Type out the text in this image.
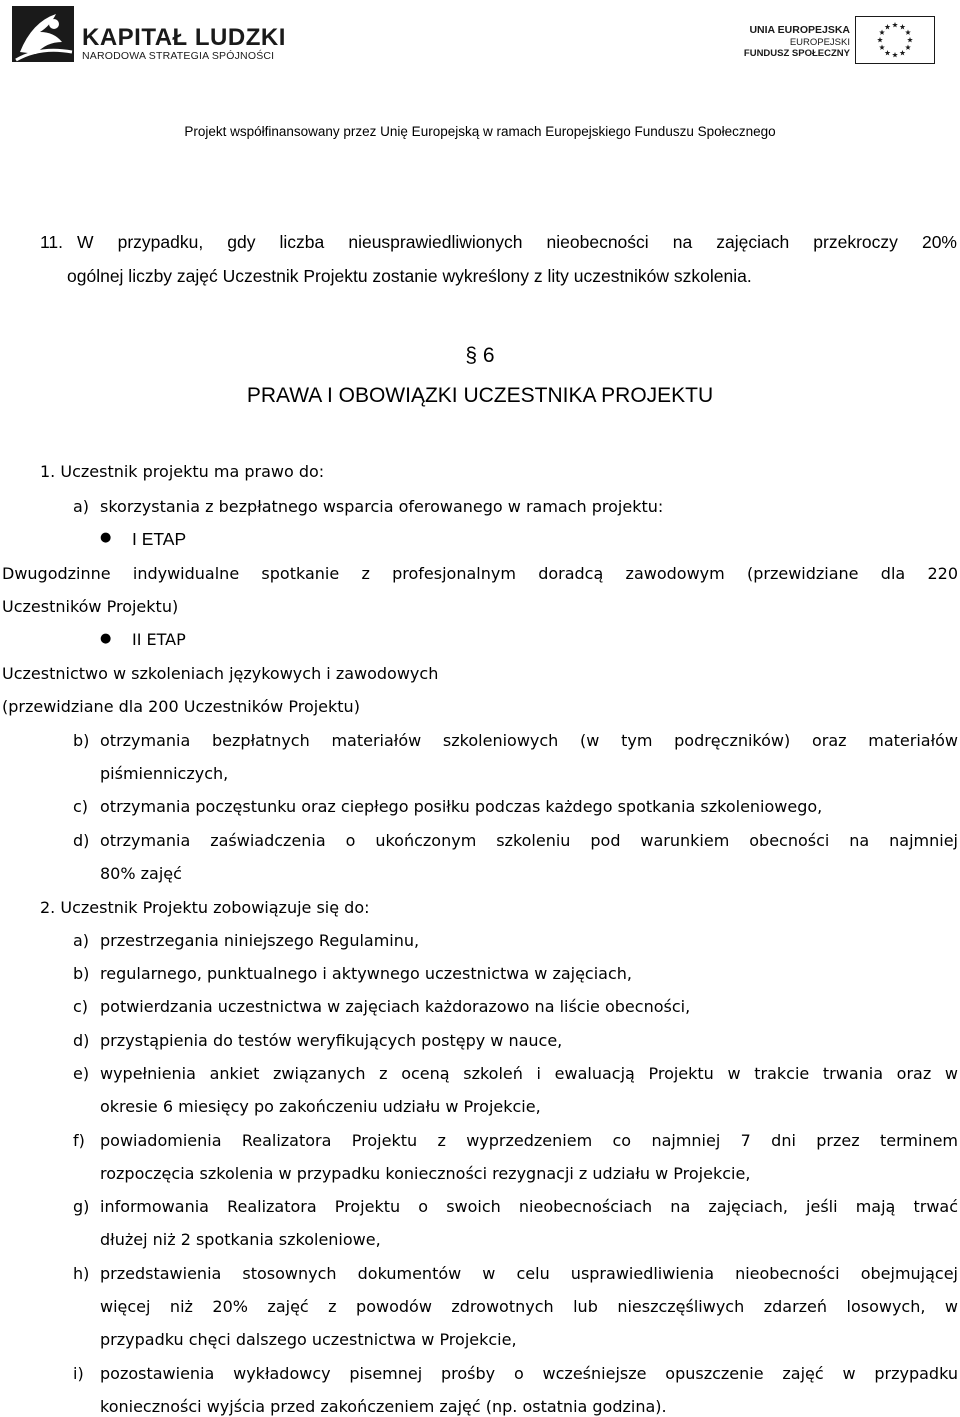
KAPITAŁ LUDZKI
NARODOWA STRATEGIA SPÓJNOŚCI
UNIA EUROPEJSKA
EUROPEJSKI
FUNDUSZ SPOŁECZNY
Projekt współfinansowany przez Unię Europejską w ramach Europejskiego Funduszu Społecznego
11. W przypadku, gdy liczba nieusprawiedliwionych nieobecności na zajęciach przekroczy 20%
ogólnej liczby zajęć Uczestnik Projektu zostanie wykreślony z lity uczestników szkolenia.
§ 6
PRAWA I OBOWIĄZKI UCZESTNIKA PROJEKTU
1. Uczestnik projektu ma prawo do:
a) skorzystania z bezpłatnego wsparcia oferowanego w ramach projektu:
● I ETAP
Dwugodzinne indywidualne spotkanie z profesjonalnym doradcą zawodowym (przewidziane dla 220
Uczestników Projektu)
● II ETAP
Uczestnictwo w szkoleniach językowych i zawodowych
(przewidziane dla 200 Uczestników Projektu)
b) otrzymania bezpłatnych materiałów szkoleniowych (w tym podręczników) oraz materiałów
piśmienniczych,
c) otrzymania poczęstunku oraz ciepłego posiłku podczas każdego spotkania szkoleniowego,
d) otrzymania zaświadczenia o ukończonym szkoleniu pod warunkiem obecności na najmniej
80% zajęć
2. Uczestnik Projektu zobowiązuje się do:
a) przestrzegania niniejszego Regulaminu,
b) regularnego, punktualnego i aktywnego uczestnictwa w zajęciach,
c) potwierdzania uczestnictwa w zajęciach każdorazowo na liście obecności,
d) przystąpienia do testów weryfikujących postępy w nauce,
e) wypełnienia ankiet związanych z oceną szkoleń i ewaluacją Projektu w trakcie trwania oraz w
okresie 6 miesięcy po zakończeniu udziału w Projekcie,
f) powiadomienia Realizatora Projektu z wyprzedzeniem co najmniej 7 dni przez terminem
rozpoczęcia szkolenia w przypadku konieczności rezygnacji z udziału w Projekcie,
g) informowania Realizatora Projektu o swoich nieobecnościach na zajęciach, jeśli mają trwać
dłużej niż 2 spotkania szkoleniowe,
h) przedstawienia stosownych dokumentów w celu usprawiedliwienia nieobecności obejmującej
więcej niż 20% zajęć z powodów zdrowotnych lub nieszczęśliwych zdarzeń losowych, w
przypadku chęci dalszego uczestnictwa w Projekcie,
i) pozostawienia wykładowcy pisemnej prośby o wcześniejsze opuszczenie zajęć w przypadku
konieczności wyjścia przed zakończeniem zajęć (np. ostatnia godzina).
